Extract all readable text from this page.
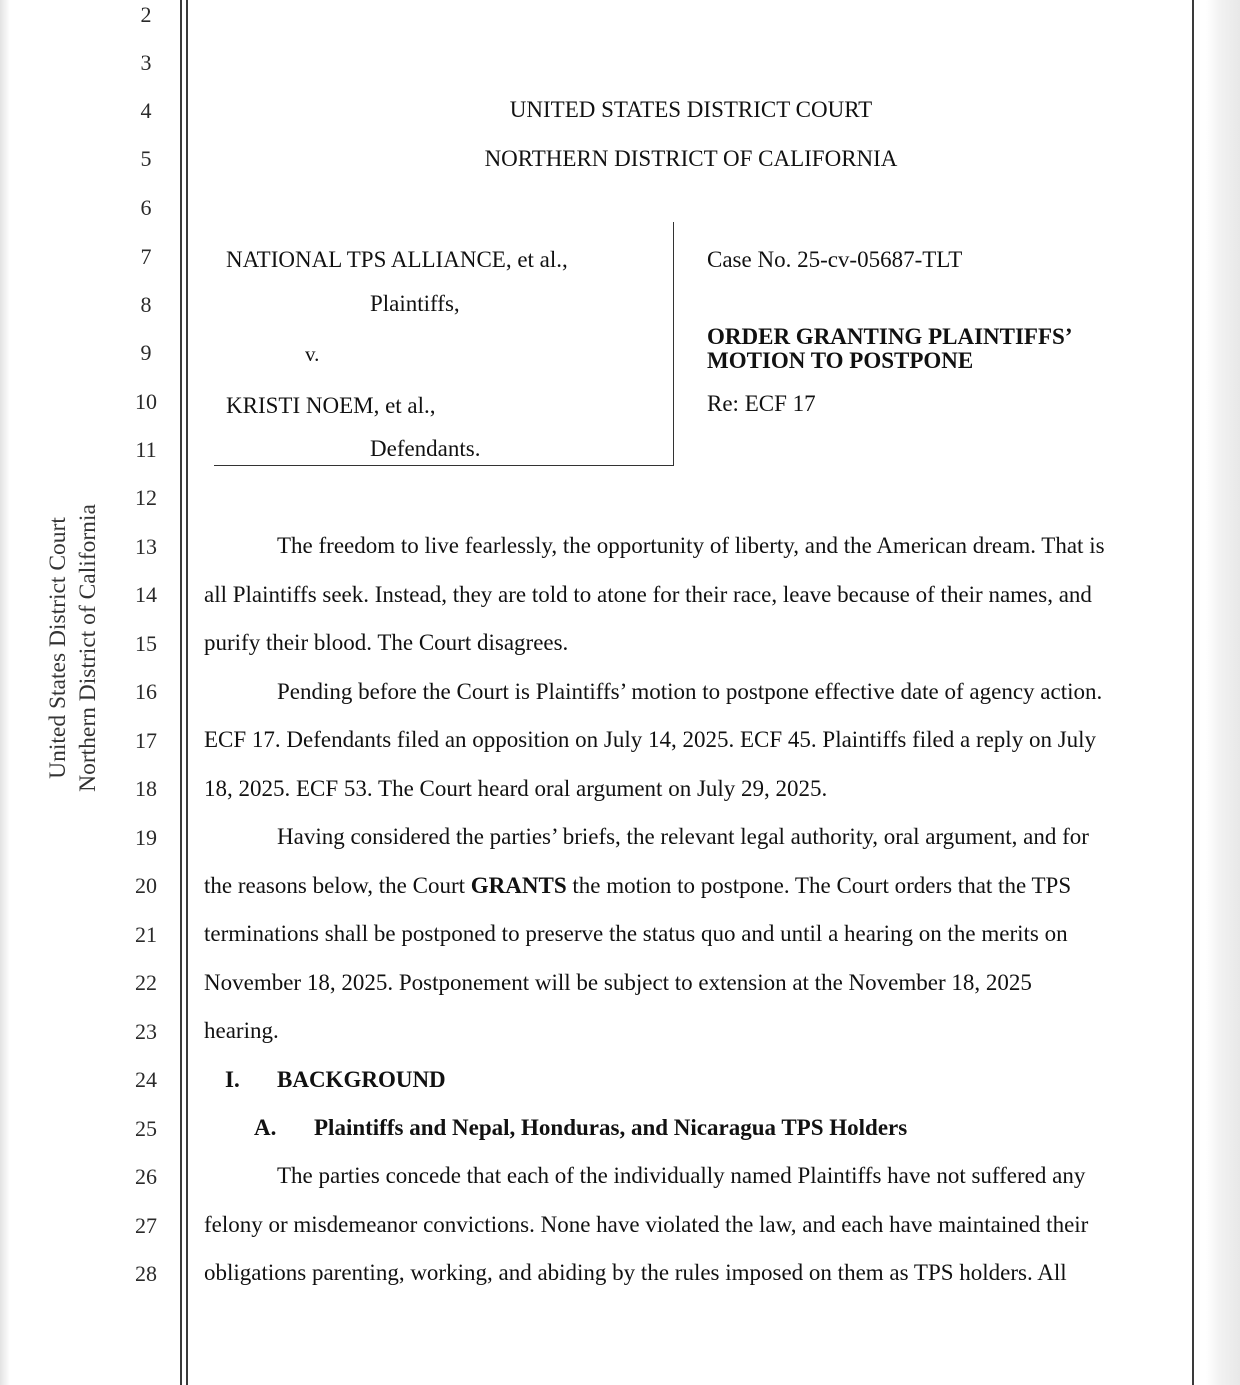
United States District Court Northern District of California
2
3
4
5
6
7
8
9
10
11
12
13
14
15
16
17
18
19
20
21
22
23
24
25
26
27
28
UNITED STATES DISTRICT COURT
NORTHERN DISTRICT OF CALIFORNIA
NATIONAL TPS ALLIANCE, et al.,
Plaintiffs,
v.
KRISTI NOEM, et al.,
Defendants.
Case No. 25-cv-05687-TLT
ORDER GRANTING PLAINTIFFS’
MOTION TO POSTPONE
Re: ECF 17
The freedom to live fearlessly, the opportunity of liberty, and the American dream. That is
all Plaintiffs seek. Instead, they are told to atone for their race, leave because of their names, and
purify their blood. The Court disagrees.
Pending before the Court is Plaintiffs’ motion to postpone effective date of agency action.
ECF 17. Defendants filed an opposition on July 14, 2025. ECF 45. Plaintiffs filed a reply on July
18, 2025. ECF 53. The Court heard oral argument on July 29, 2025.
Having considered the parties’ briefs, the relevant legal authority, oral argument, and for
the reasons below, the Court GRANTS the motion to postpone. The Court orders that the TPS
terminations shall be postponed to preserve the status quo and until a hearing on the merits on
November 18, 2025. Postponement will be subject to extension at the November 18, 2025
hearing.
I. BACKGROUND
A. Plaintiffs and Nepal, Honduras, and Nicaragua TPS Holders
The parties concede that each of the individually named Plaintiffs have not suffered any
felony or misdemeanor convictions. None have violated the law, and each have maintained their
obligations parenting, working, and abiding by the rules imposed on them as TPS holders. All
